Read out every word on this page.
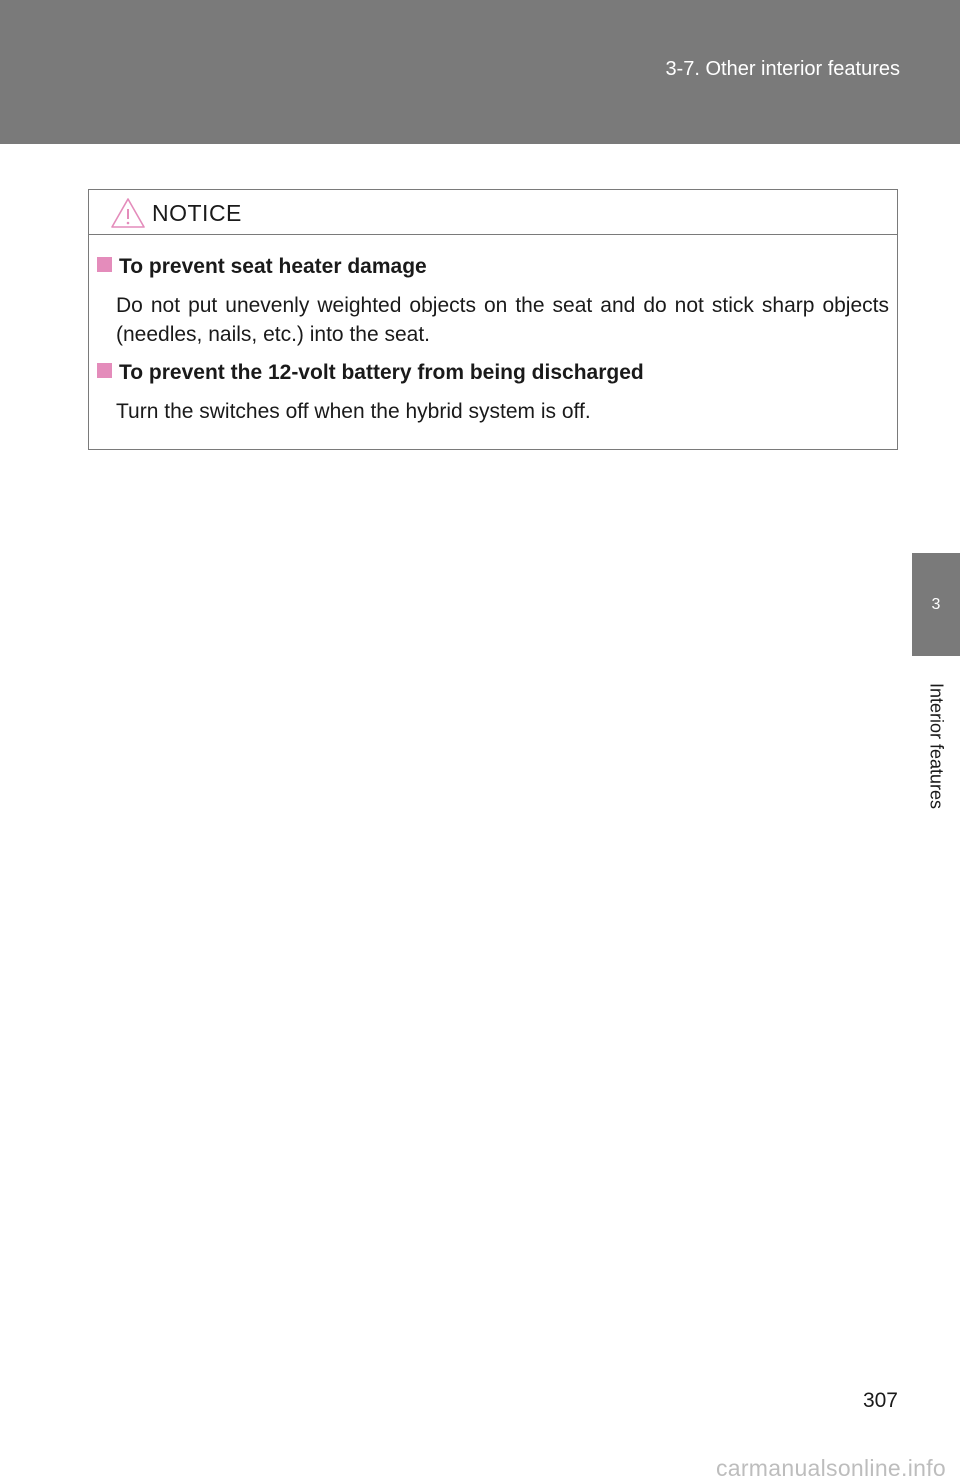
3-7. Other interior features
3
Interior features
NOTICE
To prevent seat heater damage
Do not put unevenly weighted objects on the seat and do not stick sharp objects (needles, nails, etc.) into the seat.
To prevent the 12-volt battery from being discharged
Turn the switches off when the hybrid system is off.
307
carmanualsonline.info
